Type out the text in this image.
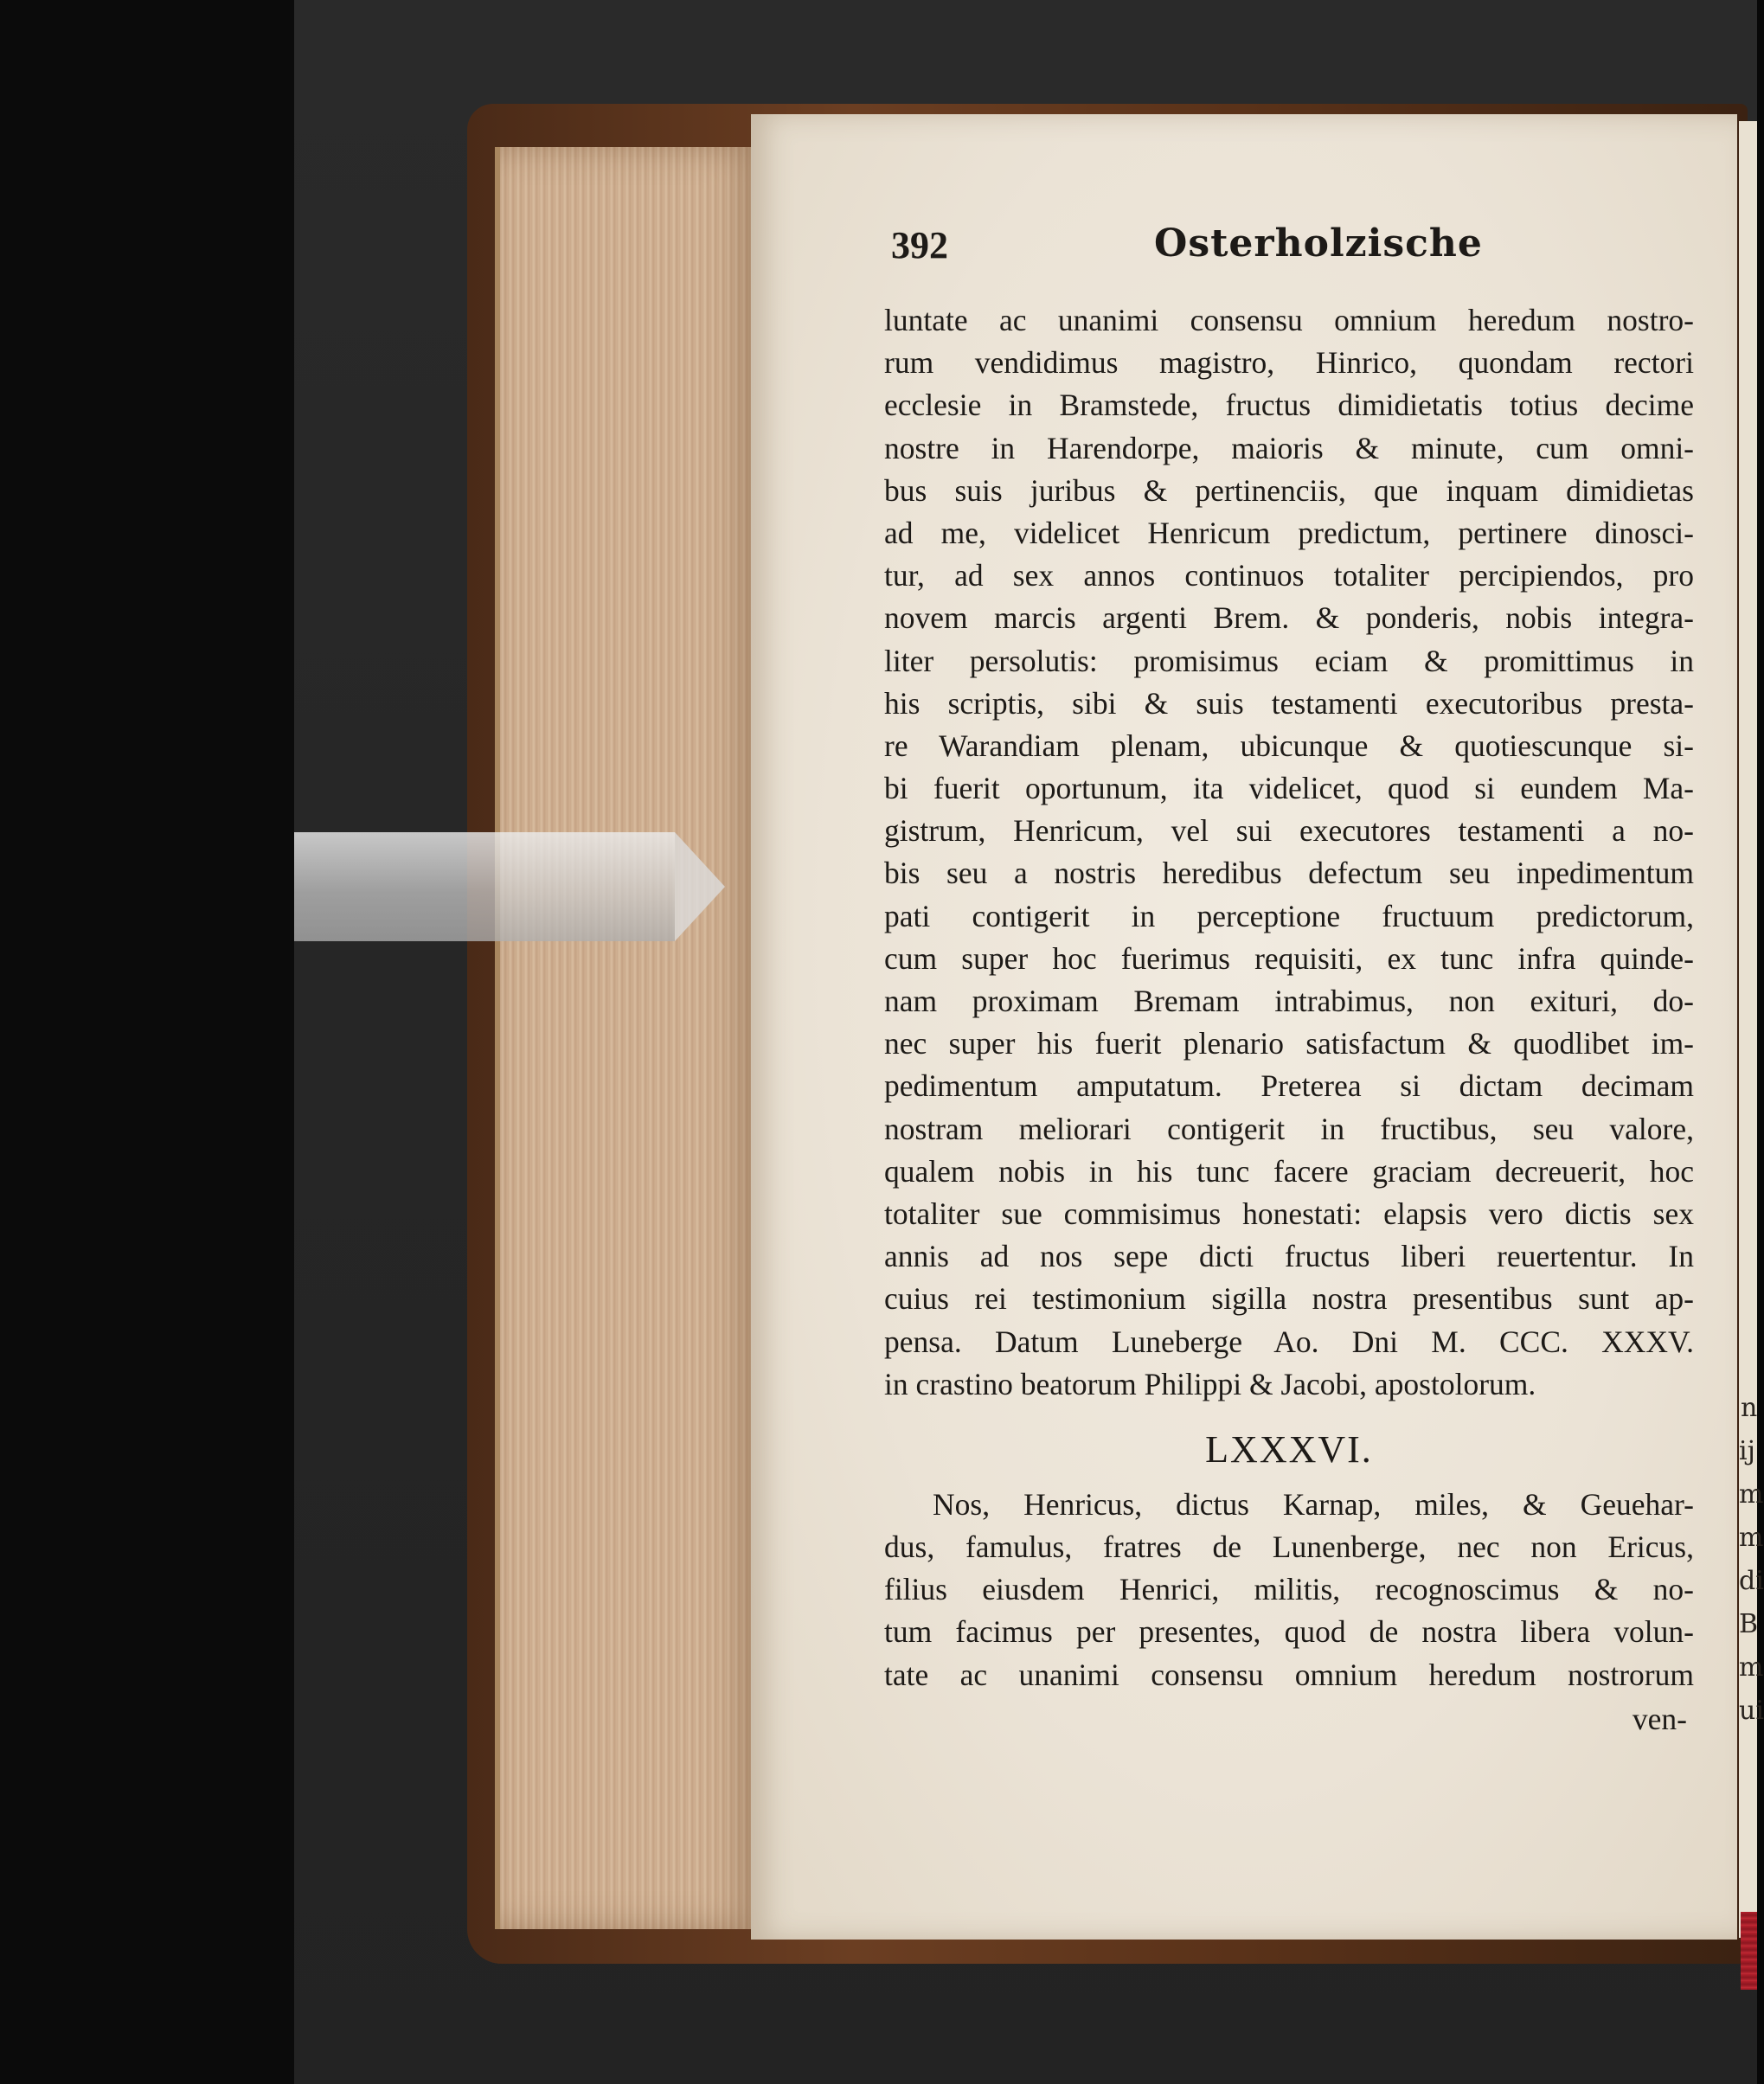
n
ij
m
m
di
B
m
ui
392	Osterholzische
luntate ac unanimi consensu omnium heredum nostro-
rum vendidimus magistro, Hinrico, quondam rectori
ecclesie in Bramstede, fructus dimidietatis totius decime
nostre in Harendorpe, maioris & minute, cum omni-
bus suis juribus & pertinenciis, que inquam dimidietas
ad me, videlicet Henricum predictum, pertinere dinosci-
tur, ad sex annos continuos totaliter percipiendos, pro
novem marcis argenti Brem. & ponderis, nobis integra-
liter persolutis: promisimus eciam & promittimus in
his scriptis, sibi & suis testamenti executoribus presta-
re Warandiam plenam, ubicunque & quotiescunque si-
bi fuerit oportunum, ita videlicet, quod si eundem Ma-
gistrum, Henricum, vel sui executores testamenti a no-
bis seu a nostris heredibus defectum seu inpedimentum
pati contigerit in perceptione fructuum predictorum,
cum super hoc fuerimus requisiti, ex tunc infra quinde-
nam proximam Bremam intrabimus, non exituri, do-
nec super his fuerit plenario satisfactum & quodlibet im-
pedimentum amputatum. Preterea si dictam decimam
nostram meliorari contigerit in fructibus, seu valore,
qualem nobis in his tunc facere graciam decreuerit, hoc
totaliter sue commisimus honestati: elapsis vero dictis sex
annis ad nos sepe dicti fructus liberi reuertentur. In
cuius rei testimonium sigilla nostra presentibus sunt ap-
pensa. Datum Luneberge Ao. Dni M. CCC. XXXV.
in crastino beatorum Philippi & Jacobi, apostolorum.
LXXXVI.
Nos, Henricus, dictus Karnap, miles, & Geuehar-
dus, famulus, fratres de Lunenberge, nec non Ericus,
filius eiusdem Henrici, militis, recognoscimus & no-
tum facimus per presentes, quod de nostra libera volun-
tate ac unanimi consensu omnium heredum nostrorum
ven-
